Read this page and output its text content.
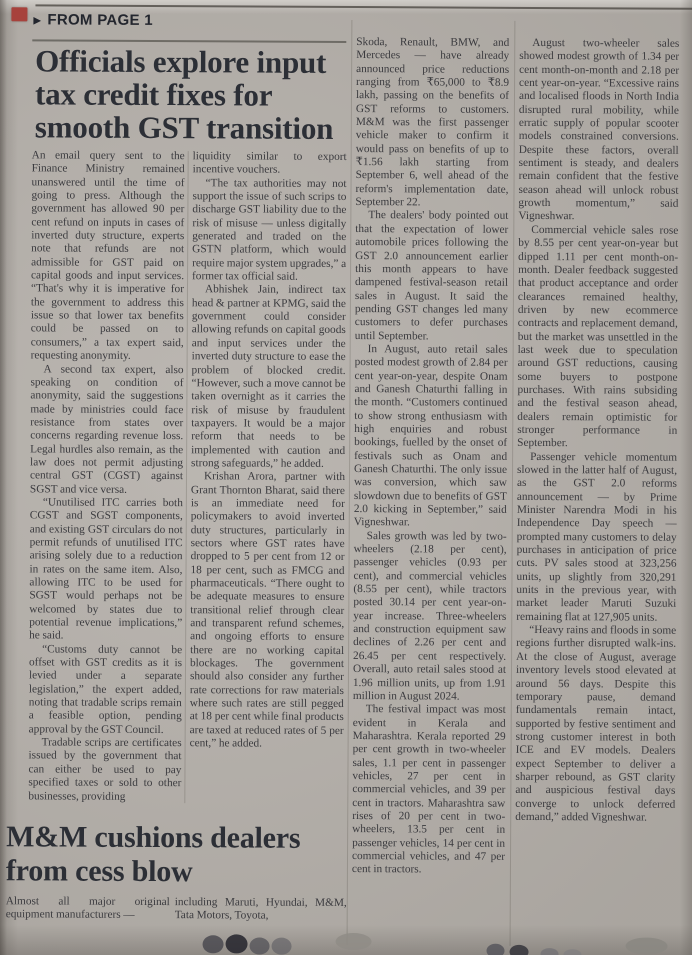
▶ FROM PAGE 1
Officials explore input
tax credit fixes for
smooth GST transition

An email query sent to the Finance Ministry remained unanswered until the time of going to press. Although the government has allowed 90 per cent refund on inputs in cases of inverted duty structure, experts note that refunds are not admissible for GST paid on capital goods and input services. “That's why it is imperative for the government to address this issue so that lower tax benefits could be passed on to consumers,” a tax expert said, requesting anonymity.

A second tax expert, also speaking on condition of anonymity, said the suggestions made by ministries could face resistance from states over concerns regarding revenue loss. Legal hurdles also remain, as the law does not permit adjusting central GST (CGST) against SGST and vice versa.

“Unutilised ITC carries both CGST and SGST components, and existing GST circulars do not permit refunds of unutilised ITC arising solely due to a reduction in rates on the same item. Also, allowing ITC to be used for SGST would perhaps not be welcomed by states due to potential revenue implications,” he said.

“Customs duty cannot be offset with GST credits as it is levied under a separate legislation,” the expert added, noting that tradable scrips remain a feasible option, pending approval by the GST Council.

Tradable scrips are certificates issued by the government that can either be used to pay specified taxes or sold to other businesses, providing

liquidity similar to export incentive vouchers.

“The tax authorities may not support the issue of such scrips to discharge GST liability due to the risk of misuse — unless digitally generated and traded on the GSTN platform, which would require major system upgrades,” a former tax official said.

Abhishek Jain, indirect tax head & partner at KPMG, said the government could consider allowing refunds on capital goods and input services under the inverted duty structure to ease the problem of blocked credit. “However, such a move cannot be taken overnight as it carries the risk of misuse by fraudulent taxpayers. It would be a major reform that needs to be implemented with caution and strong safeguards,” he added.

Krishan Arora, partner with Grant Thornton Bharat, said there is an immediate need for policymakers to avoid inverted duty structures, particularly in sectors where GST rates have dropped to 5 per cent from 12 or 18 per cent, such as FMCG and pharmaceuticals. “There ought to be adequate measures to ensure transitional relief through clear and transparent refund schemes, and ongoing efforts to ensure there are no working capital blockages. The government should also consider any further rate corrections for raw materials where such rates are still pegged at 18 per cent while final products are taxed at reduced rates of 5 per cent,” he added.

Skoda, Renault, BMW, and Mercedes — have already announced price reductions ranging from ₹65,000 to ₹8.9 lakh, passing on the benefits of GST reforms to customers. M&M was the first passenger vehicle maker to confirm it would pass on benefits of up to ₹1.56 lakh starting from September 6, well ahead of the reform's implementation date, September 22.

The dealers' body pointed out that the expectation of lower automobile prices following the GST 2.0 announcement earlier this month appears to have dampened festival-season retail sales in August. It said the pending GST changes led many customers to defer purchases until September.

In August, auto retail sales posted modest growth of 2.84 per cent year-on-year, despite Onam and Ganesh Chaturthi falling in the month. “Customers continued to show strong enthusiasm with high enquiries and robust bookings, fuelled by the onset of festivals such as Onam and Ganesh Chaturthi. The only issue was conversion, which saw slowdown due to benefits of GST 2.0 kicking in September,” said Vigneshwar.

Sales growth was led by two-wheelers (2.18 per cent), passenger vehicles (0.93 per cent), and commercial vehicles (8.55 per cent), while tractors posted 30.14 per cent year-on-year increase. Three-wheelers and construction equipment saw declines of 2.26 per cent and 26.45 per cent respectively. Overall, auto retail sales stood at 1.96 million units, up from 1.91 million in August 2024.

The festival impact was most evident in Kerala and Maharashtra. Kerala reported 29 per cent growth in two-wheeler sales, 1.1 per cent in passenger vehicles, 27 per cent in commercial vehicles, and 39 per cent in tractors. Maharashtra saw rises of 20 per cent in two-wheelers, 13.5 per cent in passenger vehicles, 14 per cent in commercial vehicles, and 47 per cent in tractors.

August two-wheeler sales showed modest growth of 1.34 per cent month-on-month and 2.18 per cent year-on-year. “Excessive rains and localised floods in North India disrupted rural mobility, while erratic supply of popular scooter models constrained conversions. Despite these factors, overall sentiment is steady, and dealers remain confident that the festive season ahead will unlock robust growth momentum,” said Vigneshwar.

Commercial vehicle sales rose by 8.55 per cent year-on-year but dipped 1.11 per cent month-on-month. Dealer feedback suggested that product acceptance and order clearances remained healthy, driven by new ecommerce contracts and replacement demand, but the market was unsettled in the last week due to speculation around GST reductions, causing some buyers to postpone purchases. With rains subsiding and the festival season ahead, dealers remain optimistic for stronger performance in September.

Passenger vehicle momentum slowed in the latter half of August, as the GST 2.0 reforms announcement — by Prime Minister Narendra Modi in his Independence Day speech — prompted many customers to delay purchases in anticipation of price cuts. PV sales stood at 323,256 units, up slightly from 320,291 units in the previous year, with market leader Maruti Suzuki remaining flat at 127,905 units.

“Heavy rains and floods in some regions further disrupted walk-ins. At the close of August, average inventory levels stood elevated at around 56 days. Despite this temporary pause, demand fundamentals remain intact, supported by festive sentiment and strong customer interest in both ICE and EV models. Dealers expect September to deliver a sharper rebound, as GST clarity and auspicious festival days converge to unlock deferred demand,” added Vigneshwar.

M&M cushions dealers
from cess blow

Almost all major original equipment manufacturers —

including Maruti, Hyundai, M&M, Tata Motors, Toyota,
